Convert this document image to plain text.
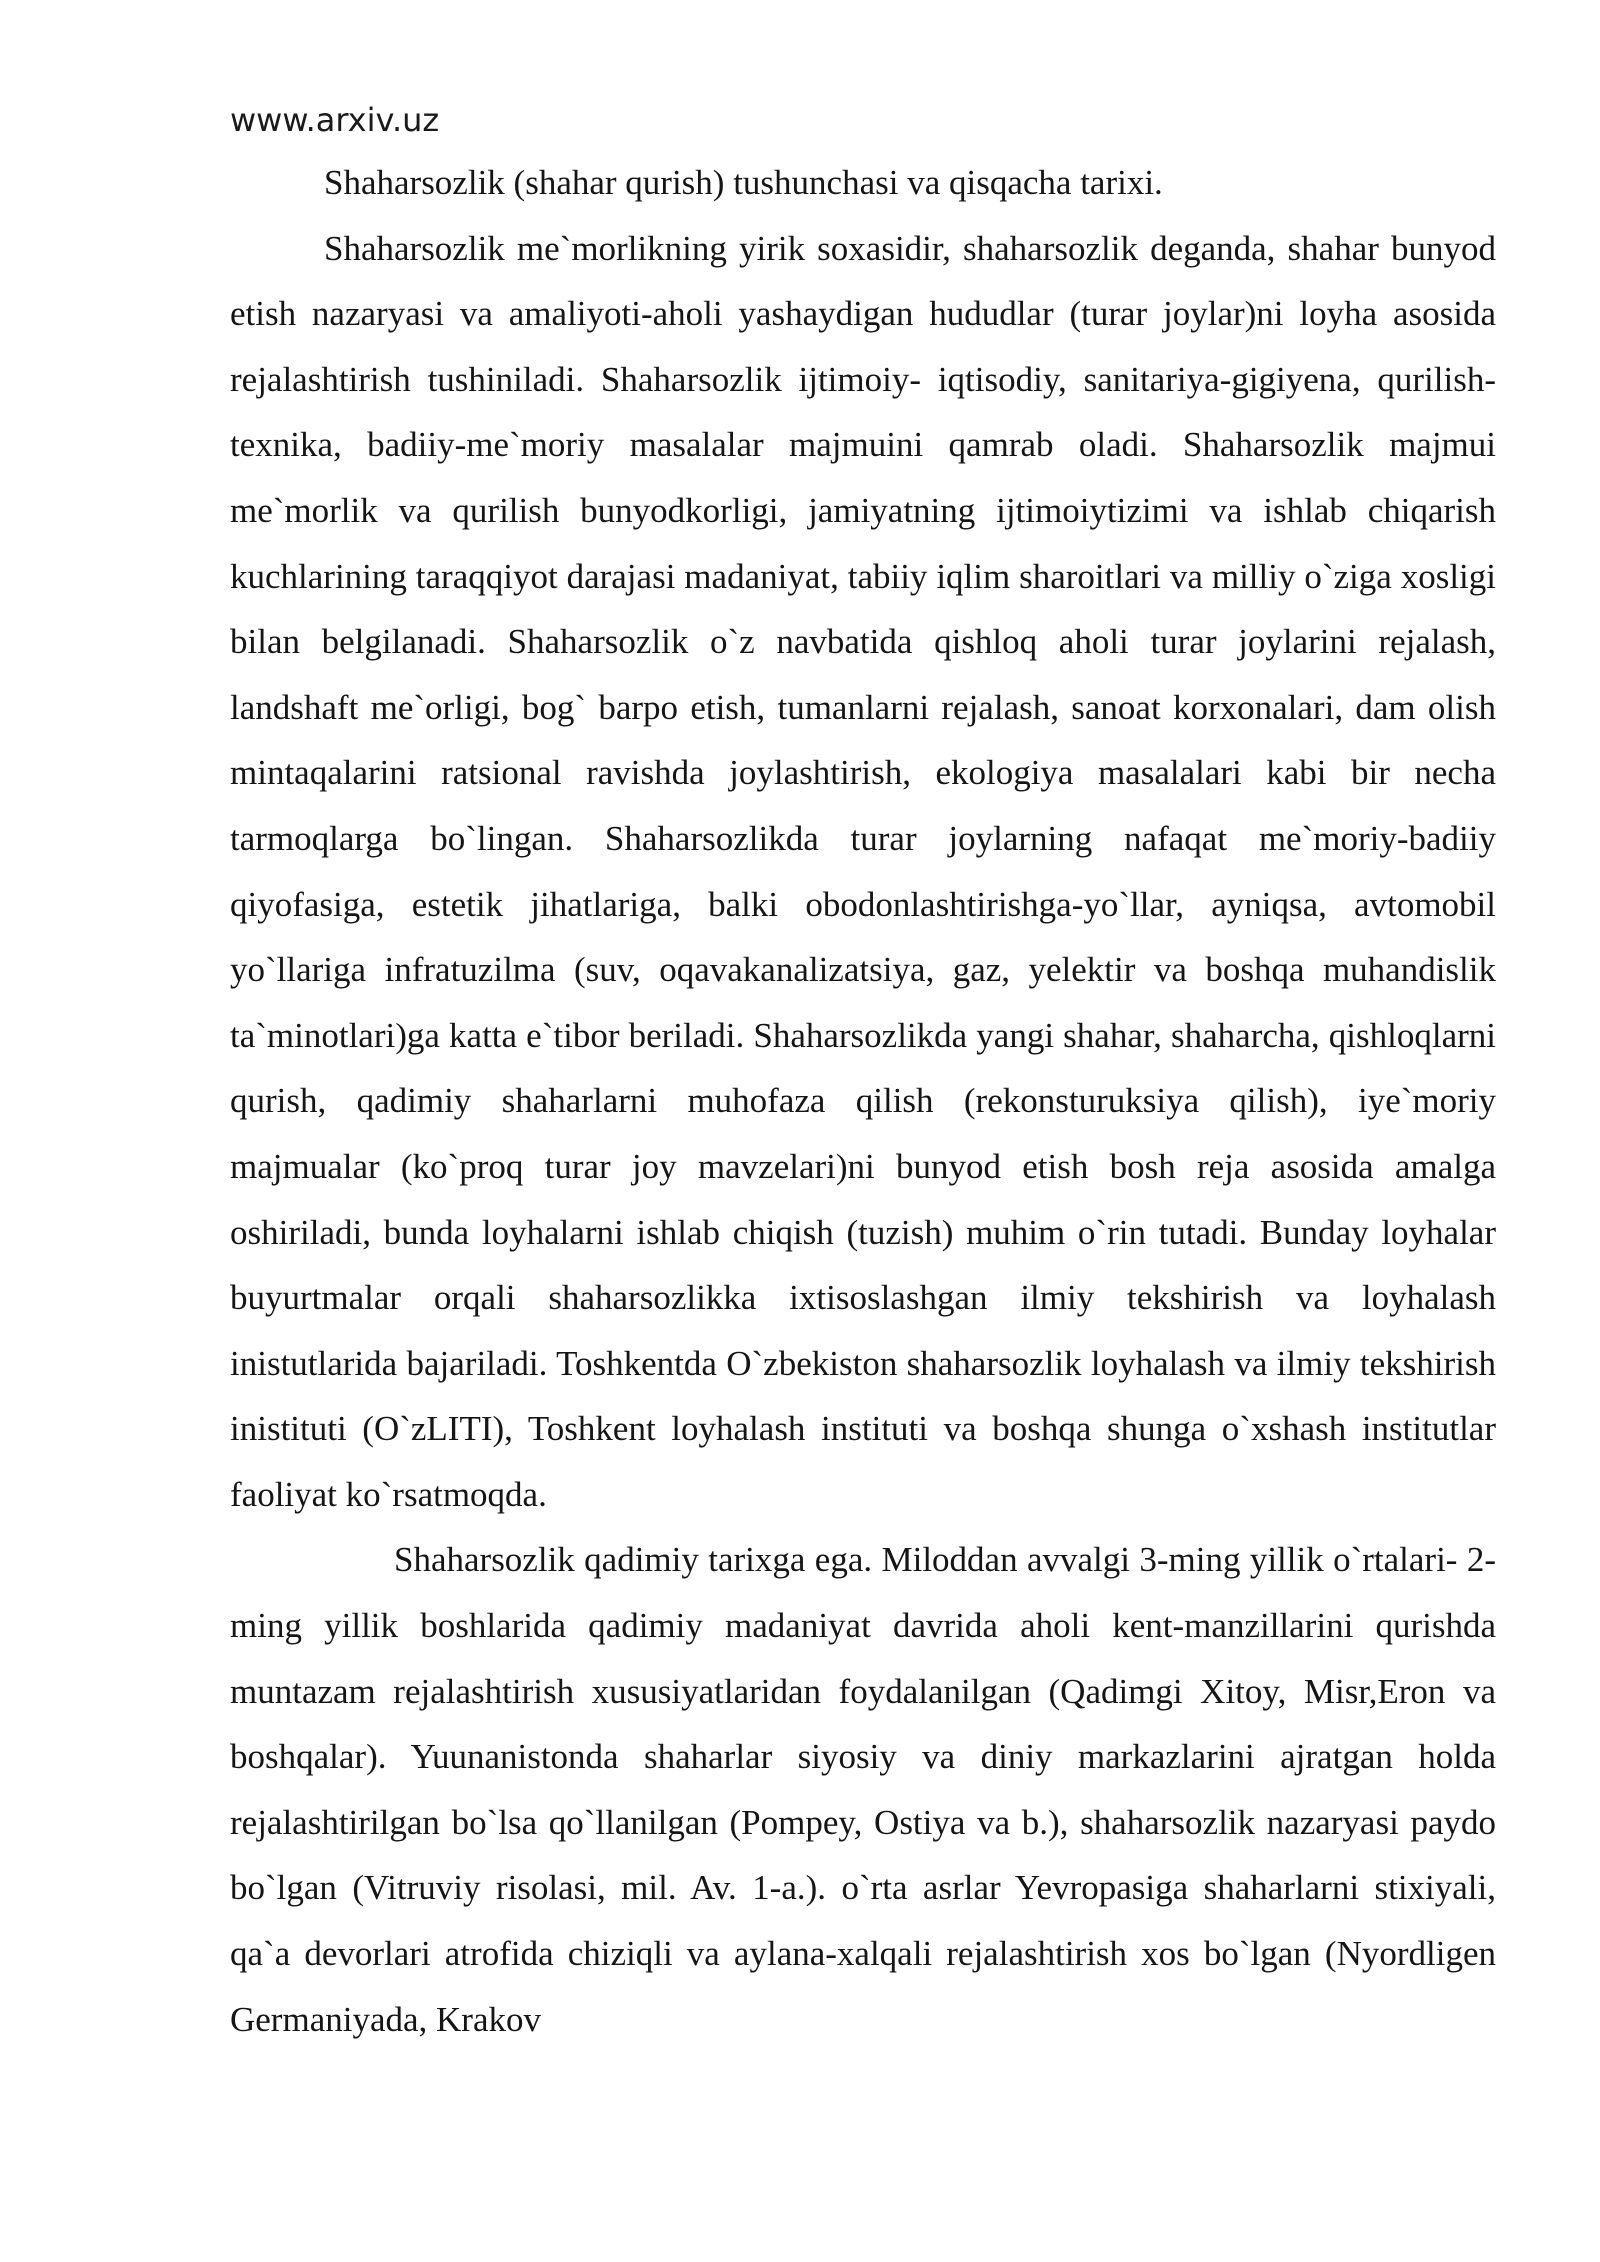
www.arxiv.uz

Shaharsozlik (shahar qurish) tushunchasi va qisqacha tarixi.

Shaharsozlik me`morlikning yirik soxasidir, shaharsozlik deganda, shahar bunyod etish nazaryasi va amaliyoti-aholi yashaydigan hududlar (turar joylar)ni loyha asosida rejalashtirish tushiniladi. Shaharsozlik ijtimoiy- iqtisodiy, sanitariya-gigiyena, qurilish-texnika, badiiy-me`moriy masalalar majmuini qamrab oladi. Shaharsozlik majmui me`morlik va qurilish bunyodkorligi, jamiyatning ijtimoiytizimi va ishlab chiqarish kuchlarining taraqqiyot darajasi madaniyat, tabiiy iqlim sharoitlari va milliy o`ziga xosligi bilan belgilanadi. Shaharsozlik o`z navbatida qishloq aholi turar joylarini rejalash, landshaft me`orligi, bog` barpo etish, tumanlarni rejalash, sanoat korxonalari, dam olish mintaqalarini ratsional ravishda joylashtirish, ekologiya masalalari kabi bir necha tarmoqlarga bo`lingan. Shaharsozlikda turar joylarning nafaqat me`moriy-badiiy qiyofasiga, estetik jihatlariga, balki obodonlashtirishga-yo`llar, ayniqsa, avtomobil yo`llariga infratuzilma (suv, oqavakanalizatsiya, gaz, yelektir va boshqa muhandislik ta`minotlari)ga katta e`tibor beriladi. Shaharsozlikda yangi shahar, shaharcha, qishloqlarni qurish, qadimiy shaharlarni muhofaza qilish (rekonsturuksiya qilish), iye`moriy majmualar (ko`proq turar joy mavzelari)ni bunyod etish bosh reja asosida amalga oshiriladi, bunda loyhalarni ishlab chiqish (tuzish) muhim o`rin tutadi. Bunday loyhalar buyurtmalar orqali shaharsozlikka ixtisoslashgan ilmiy tekshirish va loyhalash inistutlarida bajariladi. Toshkentda O`zbekiston shaharsozlik loyhalash va ilmiy tekshirish inistituti (O`zLITI), Toshkent loyhalash instituti va boshqa shunga o`xshash institutlar faoliyat ko`rsatmoqda.

Shaharsozlik qadimiy tarixga ega. Miloddan avvalgi 3-ming yillik o`rtalari- 2-ming yillik boshlarida qadimiy madaniyat davrida aholi kent-manzillarini qurishda muntazam rejalashtirish xususiyatlaridan foydalanilgan (Qadimgi Xitoy, Misr,Eron va boshqalar). Yuunanistonda shaharlar siyosiy va diniy markazlarini ajratgan holda rejalashtirilgan bo`lsa qo`llanilgan (Pompey, Ostiya va b.), shaharsozlik nazaryasi paydo bo`lgan (Vitruviy risolasi, mil. Av. 1-a.). o`rta asrlar Yevropasiga shaharlarni stixiyali, qa`a devorlari atrofida chiziqli va aylana-xalqali rejalashtirish xos bo`lgan (Nyordligen Germaniyada, Krakov
